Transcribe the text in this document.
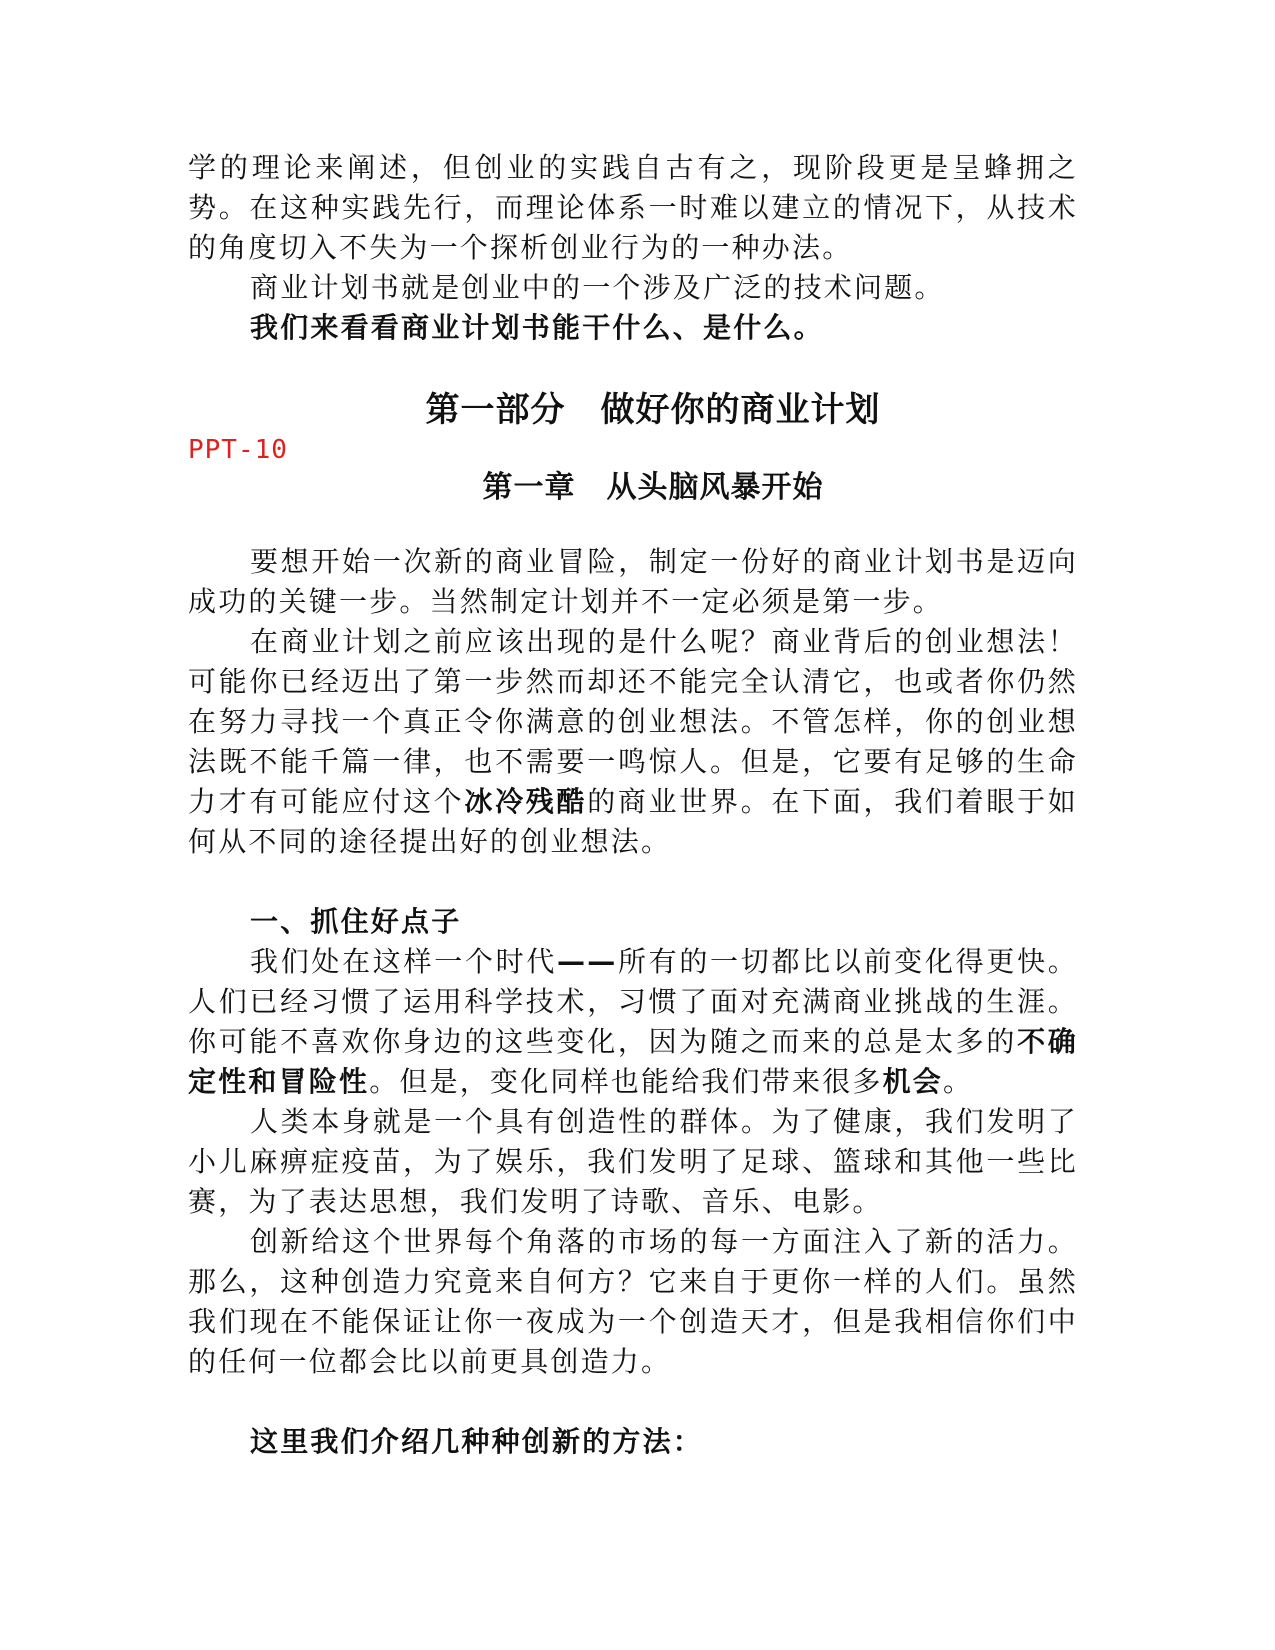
学的理论来阐述，但创业的实践自古有之，现阶段更是呈蜂拥之势。在这种实践先行，而理论体系一时难以建立的情况下，从技术的角度切入不失为一个探析创业行为的一种办法。

商业计划书就是创业中的一个涉及广泛的技术问题。

我们来看看商业计划书能干什么、是什么。

第一部分　做好你的商业计划

PPT-10

第一章　从头脑风暴开始

要想开始一次新的商业冒险，制定一份好的商业计划书是迈向成功的关键一步。当然制定计划并不一定必须是第一步。

在商业计划之前应该出现的是什么呢？商业背后的创业想法！可能你已经迈出了第一步然而却还不能完全认清它，也或者你仍然在努力寻找一个真正令你满意的创业想法。不管怎样，你的创业想法既不能千篇一律，也不需要一鸣惊人。但是，它要有足够的生命力才有可能应付这个冰冷残酷的商业世界。在下面，我们着眼于如何从不同的途径提出好的创业想法。

一、抓住好点子

我们处在这样一个时代——所有的一切都比以前变化得更快。人们已经习惯了运用科学技术，习惯了面对充满商业挑战的生涯。你可能不喜欢你身边的这些变化，因为随之而来的总是太多的不确定性和冒险性。但是，变化同样也能给我们带来很多机会。

人类本身就是一个具有创造性的群体。为了健康，我们发明了小儿麻痹症疫苗，为了娱乐，我们发明了足球、篮球和其他一些比赛，为了表达思想，我们发明了诗歌、音乐、电影。

创新给这个世界每个角落的市场的每一方面注入了新的活力。那么，这种创造力究竟来自何方？它来自于更你一样的人们。虽然我们现在不能保证让你一夜成为一个创造天才，但是我相信你们中的任何一位都会比以前更具创造力。

这里我们介绍几种种创新的方法：
